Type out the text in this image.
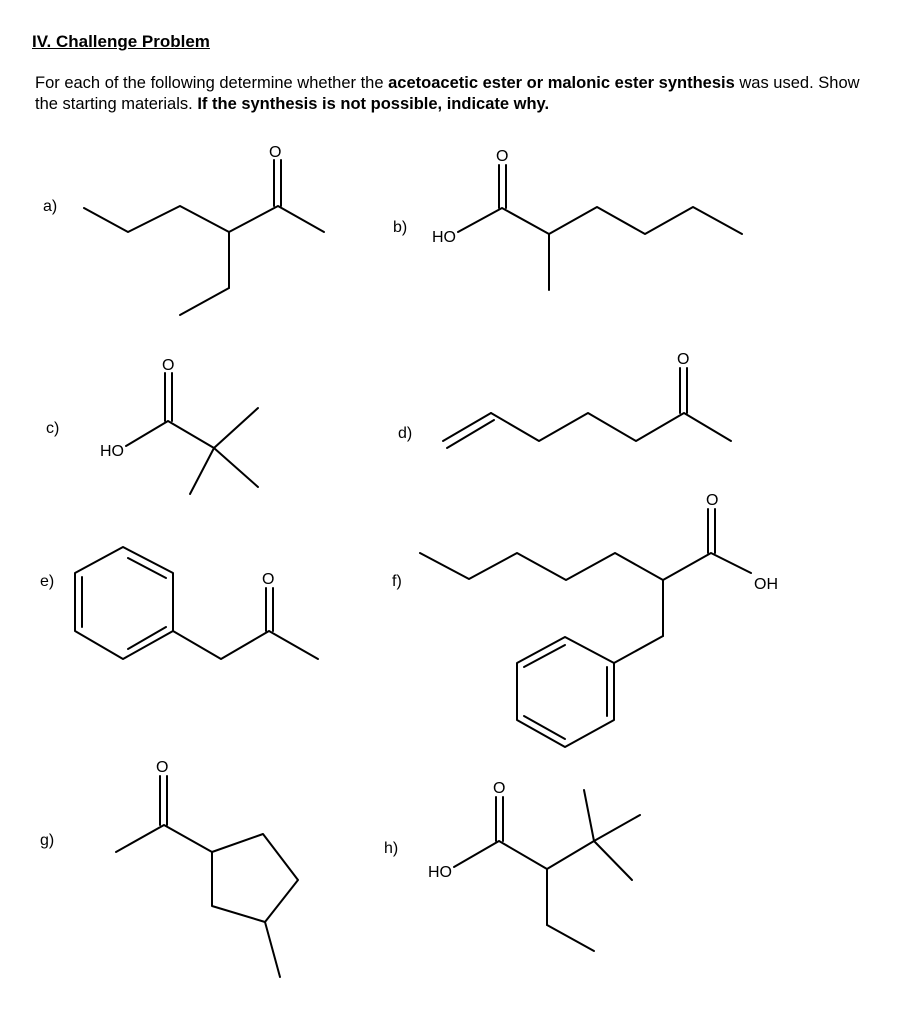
IV. Challenge Problem

For each of the following determine whether the acetoacetic ester or malonic ester synthesis was used. Show the starting materials. If the synthesis is not possible, indicate why.

a)
b)
c)	d)
e)	f)
g)	h)
O
HO
O
HO
O	O
O
O
OH
O
HO
O
